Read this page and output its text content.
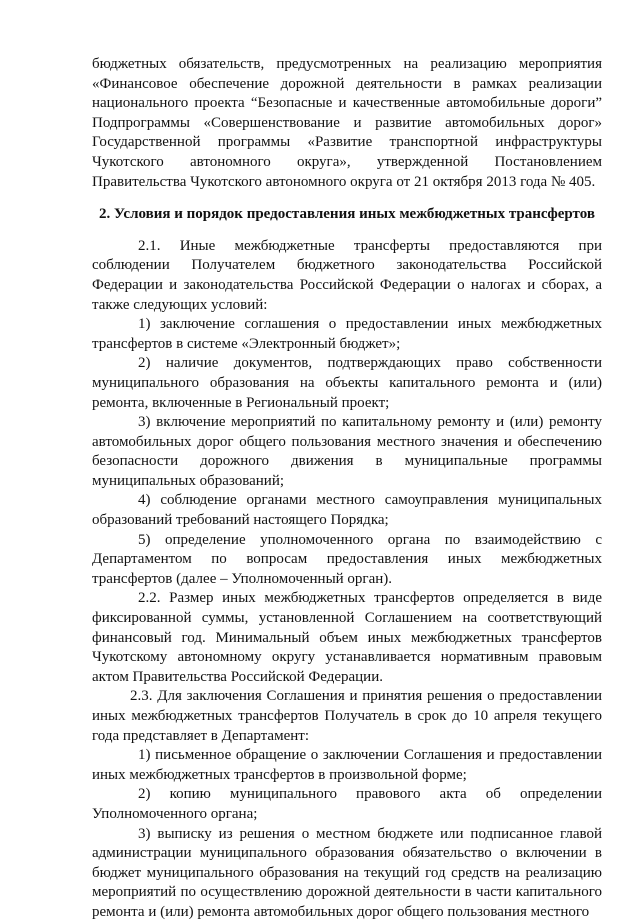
бюджетных обязательств, предусмотренных на реализацию мероприятия «Финансовое обеспечение дорожной деятельности в рамках реализации национального проекта “Безопасные и качественные автомобильные дороги” Подпрограммы «Совершенствование и развитие автомобильных дорог» Государственной программы «Развитие транспортной инфраструктуры Чукотского автономного округа», утвержденной Постановлением Правительства Чукотского автономного округа от 21 октября 2013 года № 405.

2. Условия и порядок предоставления иных межбюджетных трансфертов

2.1. Иные межбюджетные трансферты предоставляются при соблюдении Получателем бюджетного законодательства Российской Федерации и законодательства Российской Федерации о налогах и сборах, а также следующих условий:

1) заключение соглашения о предоставлении иных межбюджетных трансфертов в системе «Электронный бюджет»;

2) наличие документов, подтверждающих право собственности муниципального образования на объекты капитального ремонта и (или) ремонта, включенные в Региональный проект;

3) включение мероприятий по капитальному ремонту и (или) ремонту автомобильных дорог общего пользования местного значения и обеспечению безопасности дорожного движения в муниципальные программы муниципальных образований;

4) соблюдение органами местного самоуправления муниципальных образований требований настоящего Порядка;

5) определение уполномоченного органа по взаимодействию с Департаментом по вопросам предоставления иных межбюджетных трансфертов (далее – Уполномоченный орган).

2.2. Размер иных межбюджетных трансфертов определяется в виде фиксированной суммы, установленной Соглашением на соответствующий финансовый год. Минимальный объем иных межбюджетных трансфертов Чукотскому автономному округу устанавливается нормативным правовым актом Правительства Российской Федерации.

2.3. Для заключения Соглашения и принятия решения о предоставлении иных межбюджетных трансфертов Получатель в срок до 10 апреля текущего года представляет в Департамент:

1) письменное обращение о заключении Соглашения и предоставлении иных межбюджетных трансфертов в произвольной форме;

2) копию муниципального правового акта об определении Уполномоченного органа;

3) выписку из решения о местном бюджете или подписанное главой администрации муниципального образования обязательство о включении в бюджет муниципального образования на текущий год средств на реализацию мероприятий по осуществлению дорожной деятельности в части капитального ремонта и (или) ремонта автомобильных дорог общего пользования местного
